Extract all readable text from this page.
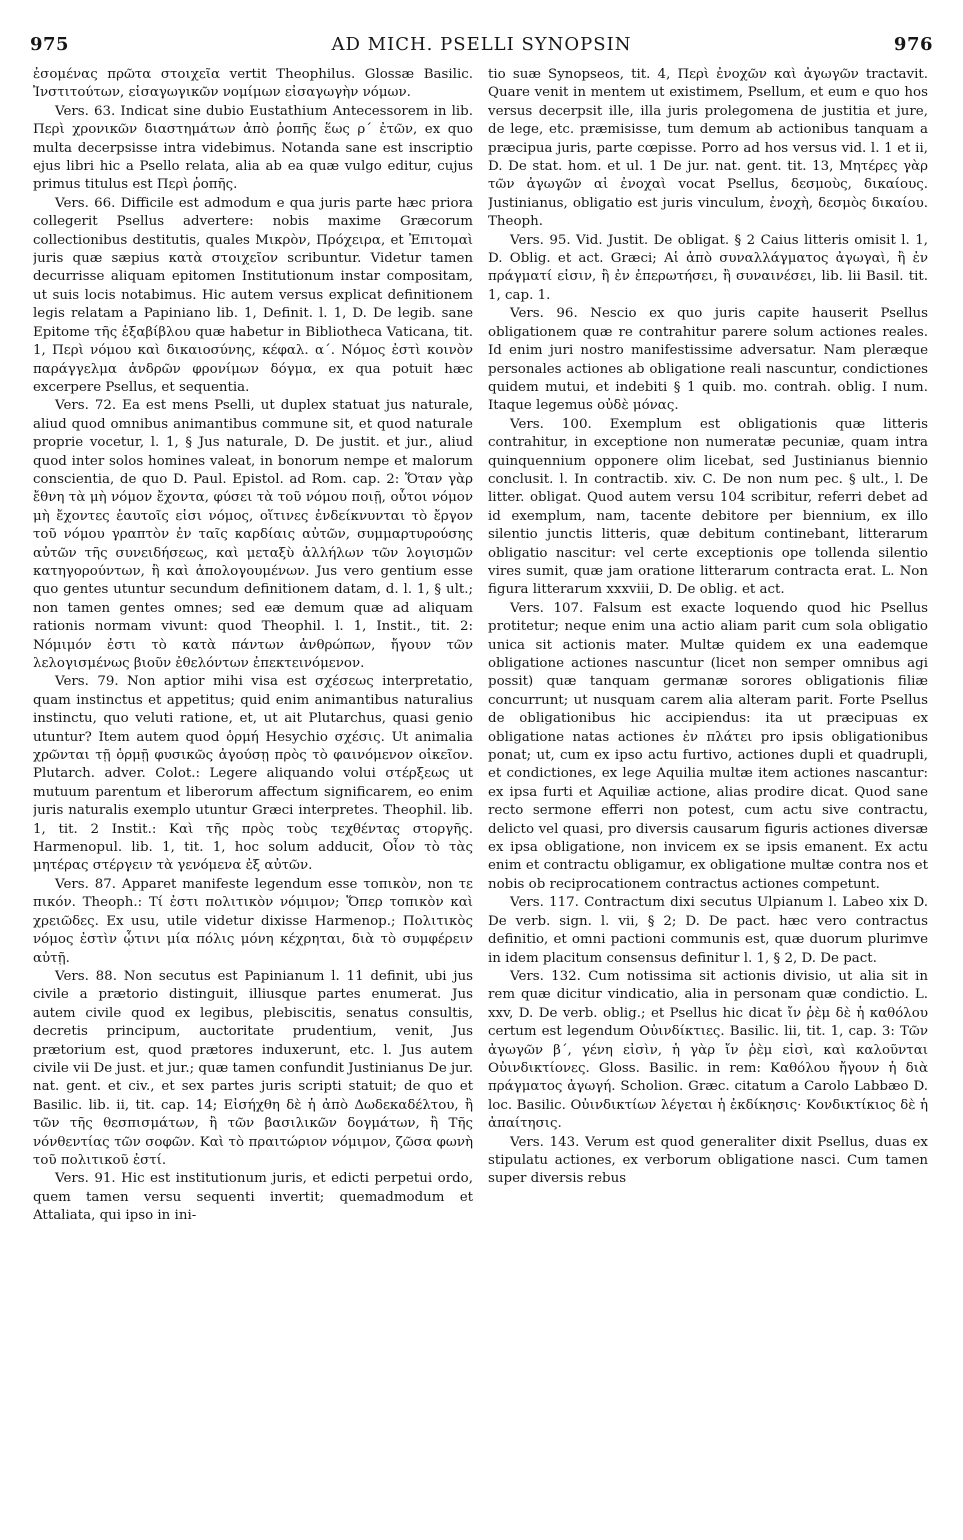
975	AD MICH. PSELLI SYNOPSIN	976

ἐσομένας πρῶτα στοιχεῖα vertit Theophilus. Glossæ Basilic. Ἰνστιτούτων, εἰσαγωγικῶν νομίμων εἰσαγωγὴν νόμων.

Vers. 63. Indicat sine dubio Eustathium Antecessorem in lib. Περὶ χρονικῶν διαστημάτων ἀπὸ ῥοπῆς ἕως ρ΄ ἐτῶν, ex quo multa decerpsisse intra videbimus. Notanda sane est inscriptio ejus libri hic a Psello relata, alia ab ea quæ vulgo editur, cujus primus titulus est Περὶ ῥοπῆς.

Vers. 66. Difficile est admodum e qua juris parte hæc priora collegerit Psellus advertere: nobis maxime Græcorum collectionibus destitutis, quales Μικρὸν, Πρόχειρα, et Ἐπιτομαὶ juris quæ sæpius κατὰ στοιχεῖον scribuntur. Videtur tamen decurrisse aliquam epitomen Institutionum instar compositam, ut suis locis notabimus. Hic autem versus explicat definitionem legis relatam a Papiniano lib. 1, Definit. l. 1, D. De legib. sane Epitome τῆς ἑξαβίβλου quæ habetur in Bibliotheca Vaticana, tit. 1, Περὶ νόμου καὶ δικαιοσύνης, κέφαλ. α΄. Νόμος ἐστὶ κοινὸν παράγγελμα ἀνδρῶν φρονίμων δόγμα, ex qua potuit hæc excerpere Psellus, et sequentia.

Vers. 72. Ea est mens Pselli, ut duplex statuat jus naturale, aliud quod omnibus animantibus commune sit, et quod naturale proprie vocetur, l. 1, § Jus naturale, D. De justit. et jur., aliud quod inter solos homines valeat, in bonorum nempe et malorum conscientia, de quo D. Paul. Epistol. ad Rom. cap. 2: Ὅταν γὰρ ἔθνη τὰ μὴ νόμον ἔχοντα, φύσει τὰ τοῦ νόμου ποιῇ, οὗτοι νόμον μὴ ἔχοντες ἑαυτοῖς εἰσι νόμος, οἵτινες ἐνδείκνυνται τὸ ἔργον τοῦ νόμου γραπτὸν ἐν ταῖς καρδίαις αὐτῶν, συμμαρτυρούσης αὐτῶν τῆς συνειδήσεως, καὶ μεταξὺ ἀλλήλων τῶν λογισμῶν κατηγορούντων, ἢ καὶ ἀπολογουμένων. Jus vero gentium esse quo gentes utuntur secundum definitionem datam, d. l. 1, § ult.; non tamen gentes omnes; sed eæ demum quæ ad aliquam rationis normam vivunt: quod Theophil. l. 1, Instit., tit. 2: Νόμιμόν ἐστι τὸ κατὰ πάντων ἀνθρώπων, ἤγουν τῶν λελογισμένως βιοῦν ἐθελόντων ἐπεκτεινόμενον.

Vers. 79. Non aptior mihi visa est σχέσεως interpretatio, quam instinctus et appetitus; quid enim animantibus naturalius instinctu, quo veluti ratione, et, ut ait Plutarchus, quasi genio utuntur? Item autem quod ὁρμή Hesychio σχέσις. Ut animalia χρῶνται τῇ ὁρμῇ φυσικῶς ἀγούσῃ πρὸς τὸ φαινόμενον οἰκεῖον. Plutarch. adver. Colot.: Legere aliquando volui στέρξεως ut mutuum parentum et liberorum affectum significarem, eo enim juris naturalis exemplo utuntur Græci interpretes. Theophil. lib. 1, tit. 2 Instit.: Καὶ τῆς πρὸς τοὺς τεχθέντας στοργῆς. Harmenopul. lib. 1, tit. 1, hoc solum adducit, Οἷον τὸ τὰς μητέρας στέργειν τὰ γενόμενα ἐξ αὐτῶν.

Vers. 87. Apparet manifeste legendum esse τοπικὸν, non τε πικόν. Theoph.: Τί ἐστι πολιτικὸν νόμιμον; Ὅπερ τοπικὸν καὶ χρειῶδες. Ex usu, utile videtur dixisse Harmenop.; Πολιτικὸς νόμος ἐστὶν ᾧτινι μία πόλις μόνη κέχρηται, διὰ τὸ συμφέρειν αὐτῇ.

Vers. 88. Non secutus est Papinianum l. 11 definit, ubi jus civile a prætorio distinguit, illiusque partes enumerat. Jus autem civile quod ex legibus, plebiscitis, senatus consultis, decretis principum, auctoritate prudentium, venit, Jus prætorium est, quod prætores induxerunt, etc. l. Jus autem civile vii De just. et jur.; quæ tamen confundit Justinianus De jur. nat. gent. et civ., et sex partes juris scripti statuit; de quo et Basilic. lib. ii, tit. cap. 14; Εἰσήχθη δὲ ἡ ἀπὸ Δωδεκαδέλτου, ἢ τῶν τῆς θεσπισμάτων, ἢ τῶν βασιλικῶν δογμάτων, ἢ Τῆς νόνθεντίας τῶν σοφῶν. Καὶ τὸ πραιτώριον νόμιμον, ζῶσα φωνὴ τοῦ πολιτικοῦ ἐστί.

Vers. 91. Hic est institutionum juris, et edicti perpetui ordo, quem tamen versu sequenti invertit; quemadmodum et Attaliata, qui ipso in ini-

tio suæ Synopseos, tit. 4, Περὶ ἐνοχῶν καὶ ἀγωγῶν tractavit. Quare venit in mentem ut existimem, Psellum, et eum e quo hos versus decerpsit ille, illa juris prolegomena de justitia et jure, de lege, etc. præmisisse, tum demum ab actionibus tanquam a præcipua juris, parte cœpisse. Porro ad hos versus vid. l. 1 et ii, D. De stat. hom. et ul. 1 De jur. nat. gent. tit. 13, Μητέρες γὰρ τῶν ἀγωγῶν αἱ ἐνοχαὶ vocat Psellus, δεσμοὺς, δικαίους. Justinianus, obligatio est juris vinculum, ἐνοχὴ, δεσμὸς δικαίου. Theoph.

Vers. 95. Vid. Justit. De obligat. § 2 Caius litteris omisit l. 1, D. Oblig. et act. Græci; Αἱ ἀπὸ συναλλάγματος ἀγωγαὶ, ἢ ἐν πράγματί εἰσιν, ἢ ἐν ἐπερωτήσει, ἢ συναινέσει, lib. lii Basil. tit. 1, cap. 1.

Vers. 96. Nescio ex quo juris capite hauserit Psellus obligationem quæ re contrahitur parere solum actiones reales. Id enim juri nostro manifestissime adversatur. Nam pleræque personales actiones ab obligatione reali nascuntur, condictiones quidem mutui, et indebiti § 1 quib. mo. contrah. oblig. I num. Itaque legemus οὐδὲ μόνας.

Vers. 100. Exemplum est obligationis quæ litteris contrahitur, in exceptione non numeratæ pecuniæ, quam intra quinquennium opponere olim licebat, sed Justinianus biennio conclusit. l. In contractib. xiv. C. De non num pec. § ult., l. De litter. obligat. Quod autem versu 104 scribitur, referri debet ad id exemplum, nam, tacente debitore per biennium, ex illo silentio junctis litteris, quæ debitum continebant, litterarum obligatio nascitur: vel certe exceptionis ope tollenda silentio vires sumit, quæ jam oratione litterarum contracta erat. L. Non figura litterarum xxxviii, D. De oblig. et act.

Vers. 107. Falsum est exacte loquendo quod hic Psellus protitetur; neque enim una actio aliam parit cum sola obligatio unica sit actionis mater. Multæ quidem ex una eademque obligatione actiones nascuntur (licet non semper omnibus agi possit) quæ tanquam germanæ sorores obligationis filiæ concurrunt; ut nusquam carem alia alteram parit. Forte Psellus de obligationibus hic accipiendus: ita ut præcipuas ex obligatione natas actiones ἐν πλάτει pro ipsis obligationibus ponat; ut, cum ex ipso actu furtivo, actiones dupli et quadrupli, et condictiones, ex lege Aquilia multæ item actiones nascantur: ex ipsa furti et Aquiliæ actione, alias prodire dicat. Quod sane recto sermone efferri non potest, cum actu sive contractu, delicto vel quasi, pro diversis causarum figuris actiones diversæ ex ipsa obligatione, non invicem ex se ipsis emanent. Ex actu enim et contractu obligamur, ex obligatione multæ contra nos et nobis ob reciprocationem contractus actiones competunt.

Vers. 117. Contractum dixi secutus Ulpianum l. Labeo xix D. De verb. sign. l. vii, § 2; D. De pact. hæc vero contractus definitio, et omni pactioni communis est, quæ duorum plurimve in idem placitum consensus definitur l. 1, § 2, D. De pact.

Vers. 132. Cum notissima sit actionis divisio, ut alia sit in rem quæ dicitur vindicatio, alia in personam quæ condictio. L. xxv, D. De verb. oblig.; et Psellus hic dicat ἴν ῥὲμ δὲ ἡ καθόλου certum est legendum Οὐινδίκτιες. Basilic. lii, tit. 1, cap. 3: Τῶν ἀγωγῶν β΄, γένη εἰσὶν, ἡ γὰρ ἴν ῥὲμ εἰσὶ, καὶ καλοῦνται Οὐινδικτίονες. Gloss. Basilic. in rem: Καθόλου ἤγουν ἡ διὰ πράγματος ἀγωγή. Scholion. Græc. citatum a Carolo Labbæo D. loc. Basilic. Οὐινδικτίων λέγεται ἡ ἐκδίκησις· Κονδικτίκιος δὲ ἡ ἀπαίτησις.

Vers. 143. Verum est quod generaliter dixit Psellus, duas ex stipulatu actiones, ex verborum obligatione nasci. Cum tamen super diversis rebus
